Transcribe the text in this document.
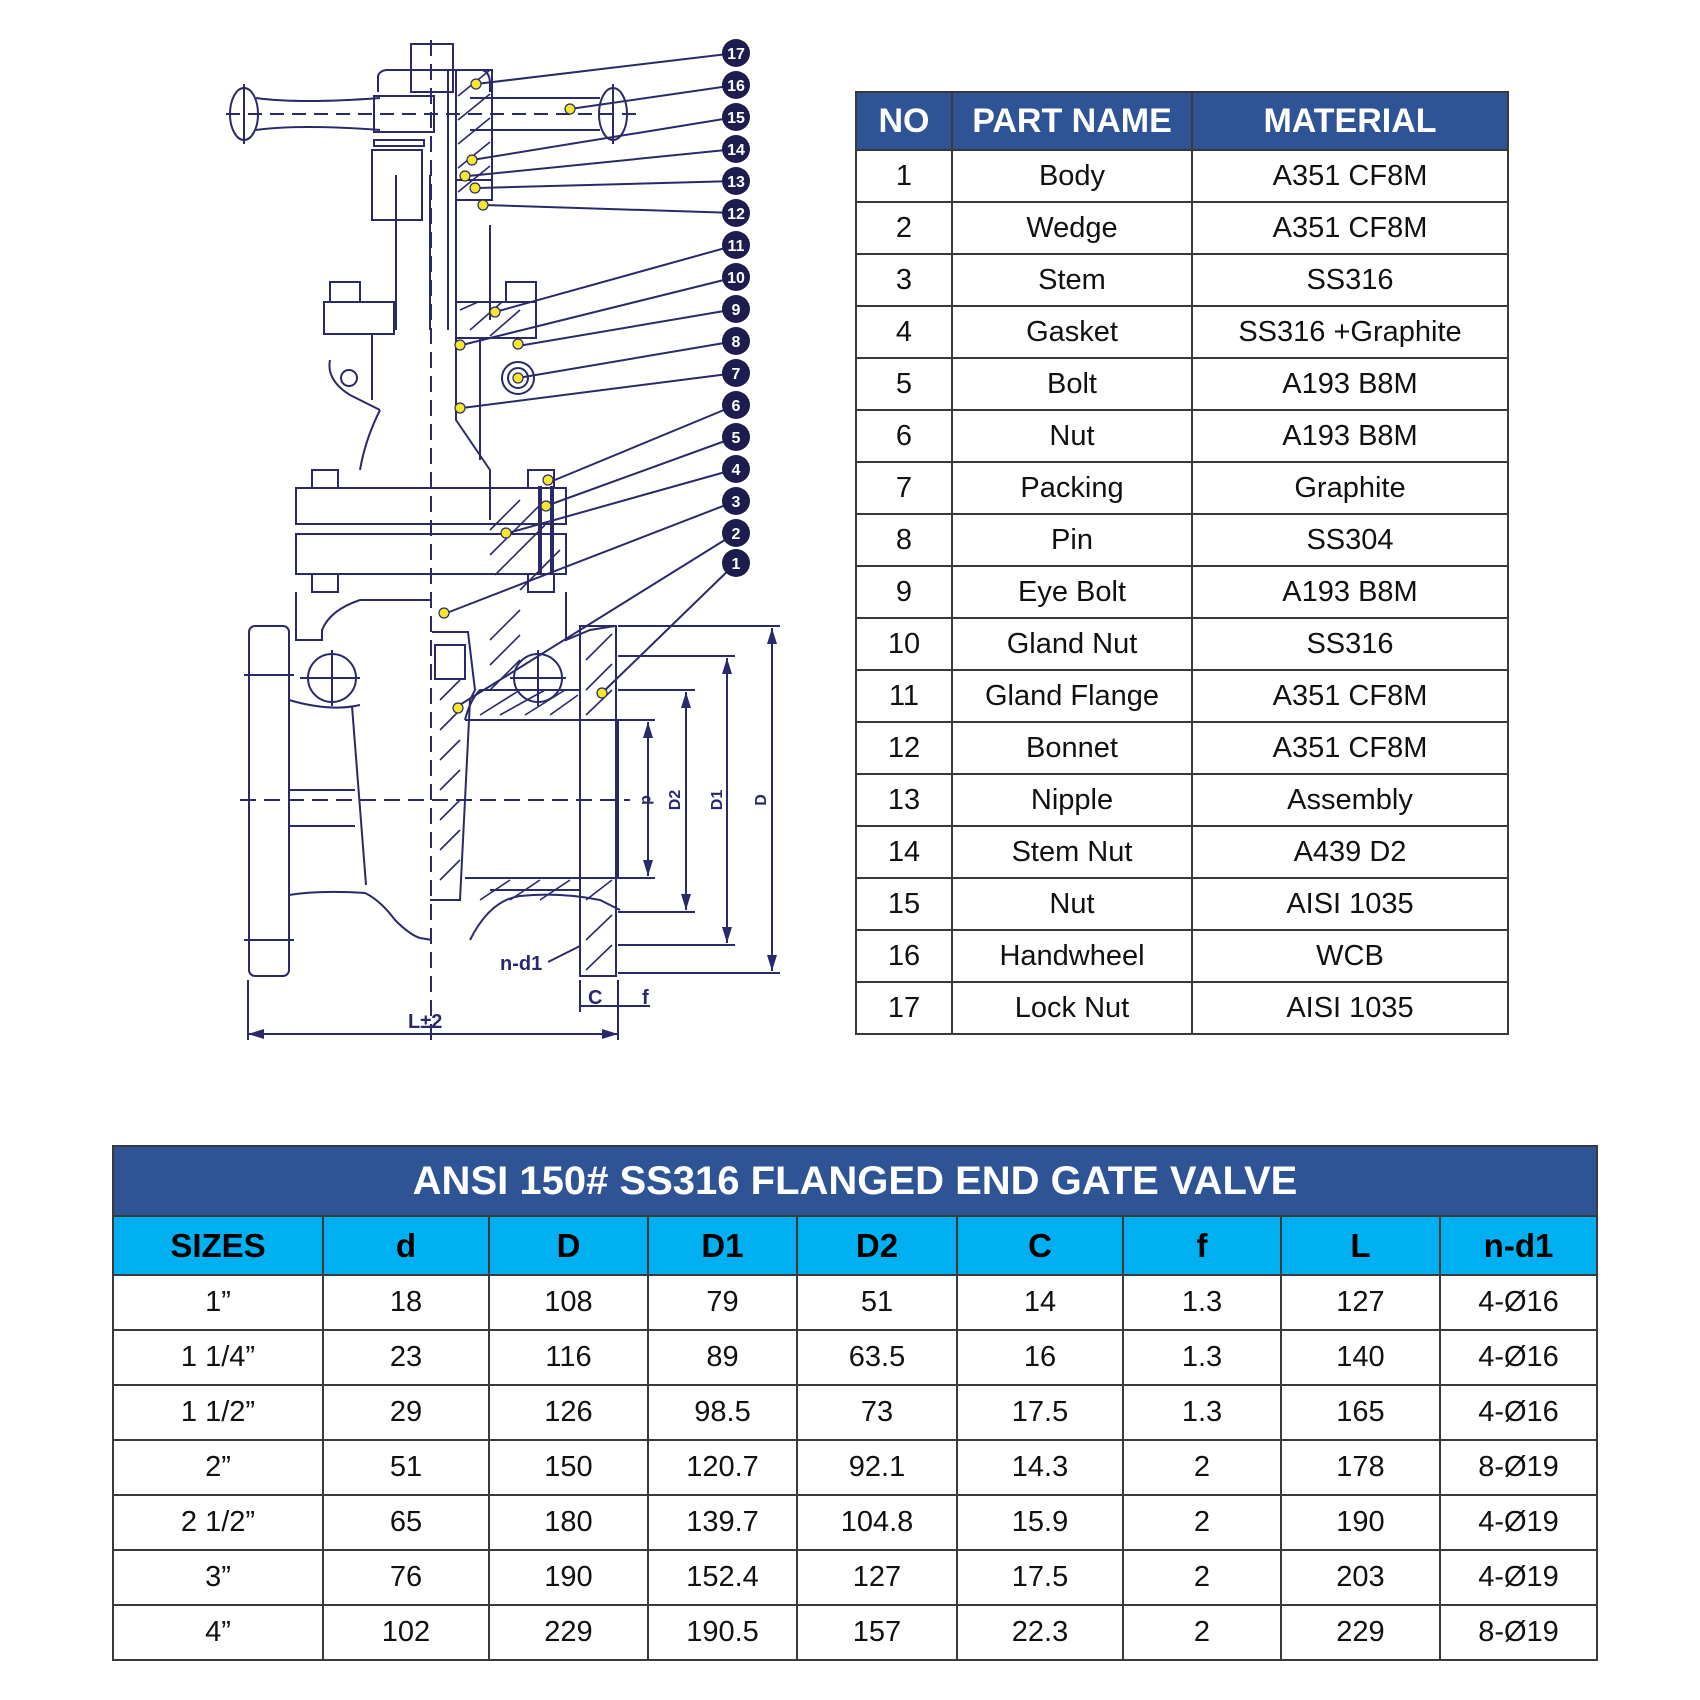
17
16
15
14
13
12
11
10
9
8
7
6
5
4
3
2
1
d D2 D1 D
n-d1
C f
L±2
NO	PART NAME	MATERIAL
1	Body	A351 CF8M
2	Wedge	A351 CF8M
3	Stem	SS316
4	Gasket	SS316 +Graphite
5	Bolt	A193 B8M
6	Nut	A193 B8M
7	Packing	Graphite
8	Pin	SS304
9	Eye Bolt	A193 B8M
10	Gland Nut	SS316
11	Gland Flange	A351 CF8M
12	Bonnet	A351 CF8M
13	Nipple	Assembly
14	Stem Nut	A439 D2
15	Nut	AISI 1035
16	Handwheel	WCB
17	Lock Nut	AISI 1035
ANSI 150# SS316 FLANGED END GATE VALVE								
SIZES	d	D	D1	D2	C	f	L	n-d1
1”	18	108	79	51	14	1.3	127	4-Ø16
1 1/4”	23	116	89	63.5	16	1.3	140	4-Ø16
1 1/2”	29	126	98.5	73	17.5	1.3	165	4-Ø16
2”	51	150	120.7	92.1	14.3	2	178	8-Ø19
2 1/2”	65	180	139.7	104.8	15.9	2	190	4-Ø19
3”	76	190	152.4	127	17.5	2	203	4-Ø19
4”	102	229	190.5	157	22.3	2	229	8-Ø19
